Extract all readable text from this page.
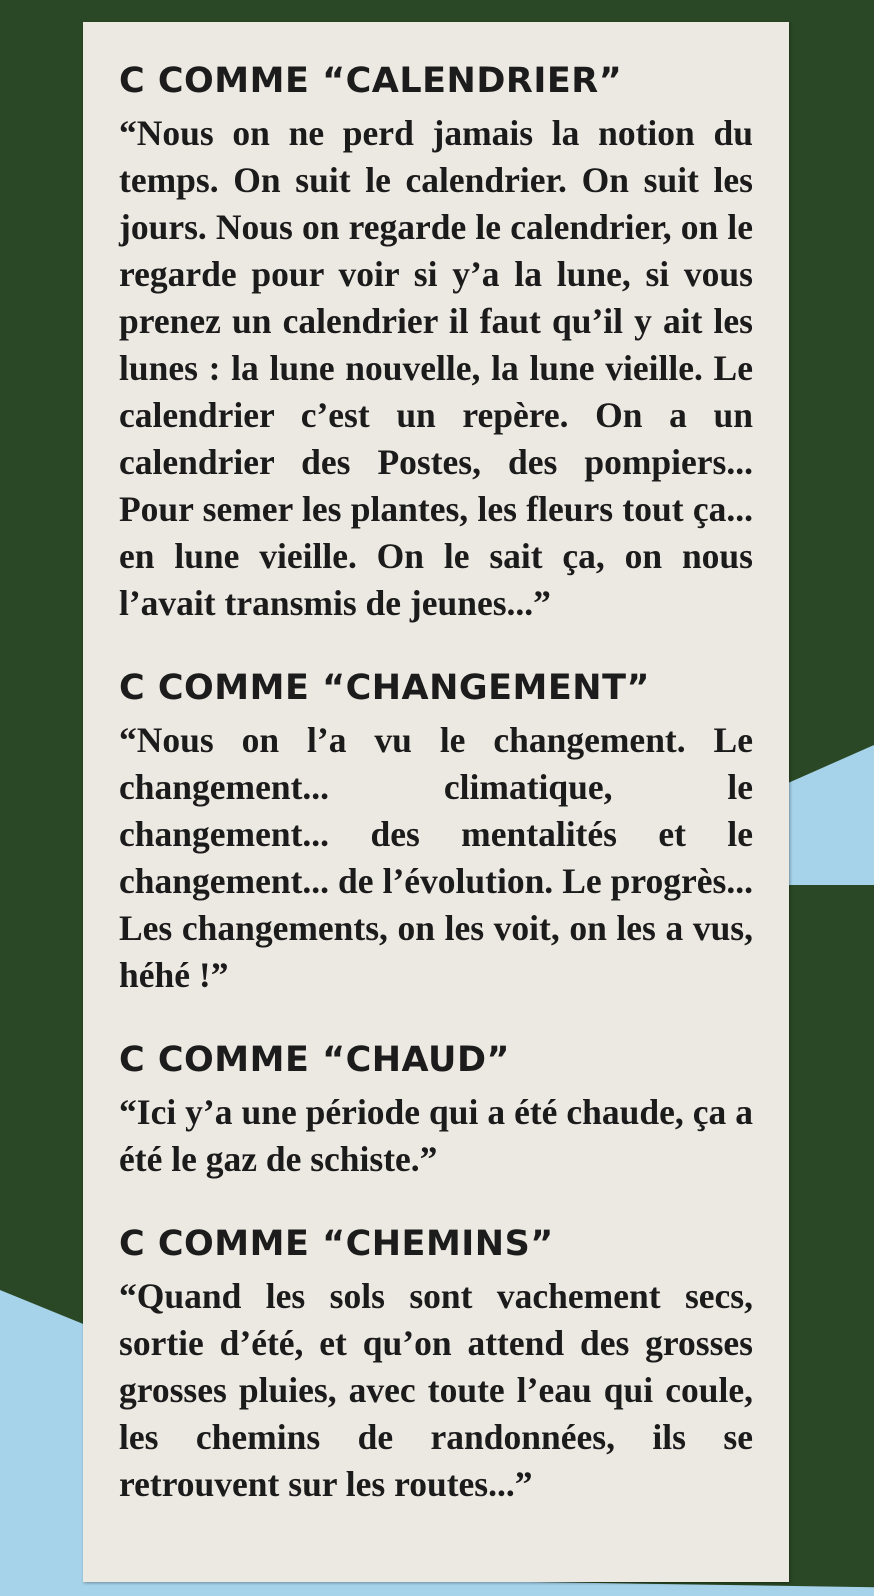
C COMME “CALENDRIER”

“Nous on ne perd jamais la notion du temps. On suit le calendrier. On suit les jours. Nous on regarde le calendrier, on le regarde pour voir si y’a la lune, si vous prenez un calendrier il faut qu’il y ait les lunes : la lune nouvelle, la lune vieille. Le calendrier c’est un repère. On a un calendrier des Postes, des pompiers... Pour semer les plantes, les fleurs tout ça... en lune vieille. On le sait ça, on nous l’avait transmis de jeunes...”

C COMME “CHANGEMENT”

“Nous on l’a vu le changement. Le changement... climatique, le changement... des mentalités et le changement... de l’évolution. Le progrès... Les changements, on les voit, on les a vus, héhé !”

C COMME “CHAUD”

“Ici y’a une période qui a été chaude, ça a été le gaz de schiste.”

C COMME “CHEMINS”

“Quand les sols sont vachement secs, sortie d’été, et qu’on attend des grosses grosses pluies, avec toute l’eau qui coule, les chemins de randonnées, ils se retrouvent sur les routes...”
